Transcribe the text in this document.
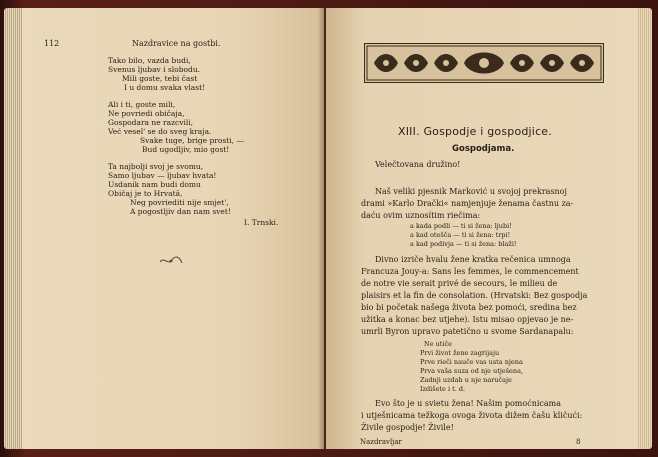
112	Nazdravice na gostbi.
Tako bilo, vazda budi,
Svenus ljubav i slobodu.
Mili goste, tebi čast
I u domu svaka vlast!
Ali i ti, goste mili,
Ne povriedi običaja,
Gospodara ne razcvili,
Već vesel' se do sveg kraja.
Svake tuge, brige prosti, —
Bud ugodljiv, mio gost!
Ta najbolji svoj je svomu,
Samo ljubav — ljubav hvata!
Usdanik nam budi domu
Običaj je to Hrvatâ,
Neg povriediti nije smjet',
A pogostljiv dan nam svet!
I. Trnski.
XIII. Gospodje i gospodjice.
Gospodjama.
Velečtovana družino!
Naš veliki pjesnik Marković u svojoj prekrasnoj
drami »Karlo Drački« namjenjuje ženama častnu za-
daću ovim uznosítim riečima:
a kada podli — ti si žena: ljubi!
a kad otešča — ti si žena: trpi!
a kad podivja — ti si žena: blaži!
Divno izriče hvalu žene kratka rečenica umnoga
Francuza Jouy-a: Sans les femmes, le commencement
de notre vie serait privé de secours, le milieu de
plaisirs et la fin de consolation. (Hrvatski: Bez gospodja
bio bi početak našega života bez pomoći, sredina bez
užitka a konac bez utjehe). Istu misao opjevao je ne-
umrli Byron upravo patetično u svome Sardanapalu:
Ne utiče
Prvi život žene zagrijaju
Prve rieči nauče vas usta njena
Prva vaša suza od nje utješena,
Zadnji uzdah u nje naručaje
Izdišete i t. d.
Evo što je u svietu žena! Našim pomoćnicama
i utješnicama težkoga ovoga života dižem čašu kličući:
Živile gospodje! Živile!
Nazdravljar	8
